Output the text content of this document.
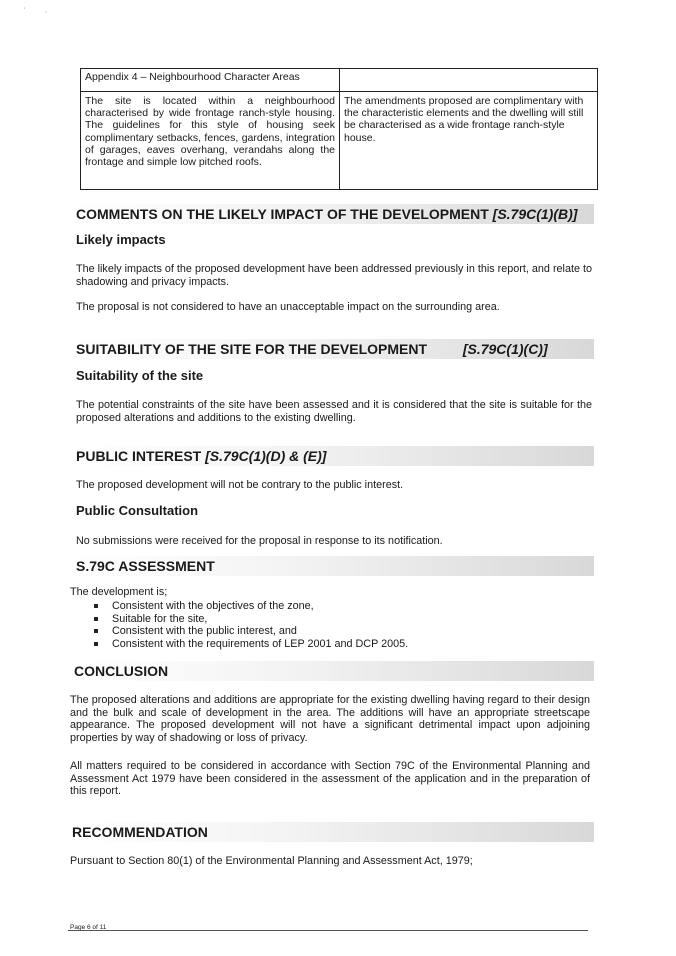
'            ,
Appendix 4 – Neighbourhood Character Areas	
The site is located within a neighbourhood characterised by wide frontage ranch-style housing. The guidelines for this style of housing seek complimentary setbacks, fences, gardens, integration of garages, eaves overhang, verandahs along the frontage and simple low pitched roofs.	The amendments proposed are complimentary with the characteristic elements and the dwelling will still be characterised as a wide frontage ranch-style house.
COMMENTS ON THE LIKELY IMPACT OF THE DEVELOPMENT [S.79C(1)(B)]
Likely impacts
The likely impacts of the proposed development have been addressed previously in this report, and relate to shadowing and privacy impacts.
The proposal is not considered to have an unacceptable impact on the surrounding area.
SUITABILITY OF THE SITE FOR THE DEVELOPMENT	[S.79C(1)(C)]
Suitability of the site
The potential constraints of the site have been assessed and it is considered that the site is suitable for the proposed alterations and additions to the existing dwelling.
PUBLIC INTEREST [S.79C(1)(D) & (E)]
The proposed development will not be contrary to the public interest.
Public Consultation
No submissions were received for the proposal in response to its notification.
S.79C ASSESSMENT
The development is;
Consistent with the objectives of the zone,
Suitable for the site,
Consistent with the public interest, and
Consistent with the requirements of LEP 2001 and DCP 2005.
CONCLUSION
The proposed alterations and additions are appropriate for the existing dwelling having regard to their design and the bulk and scale of development in the area. The additions will have an appropriate streetscape appearance. The proposed development will not have a significant detrimental impact upon adjoining properties by way of shadowing or loss of privacy.
All matters required to be considered in accordance with Section 79C of the Environmental Planning and Assessment Act 1979 have been considered in the assessment of the application and in the preparation of this report.
RECOMMENDATION
Pursuant to Section 80(1) of the Environmental Planning and Assessment Act, 1979;
Page 6 of 11
